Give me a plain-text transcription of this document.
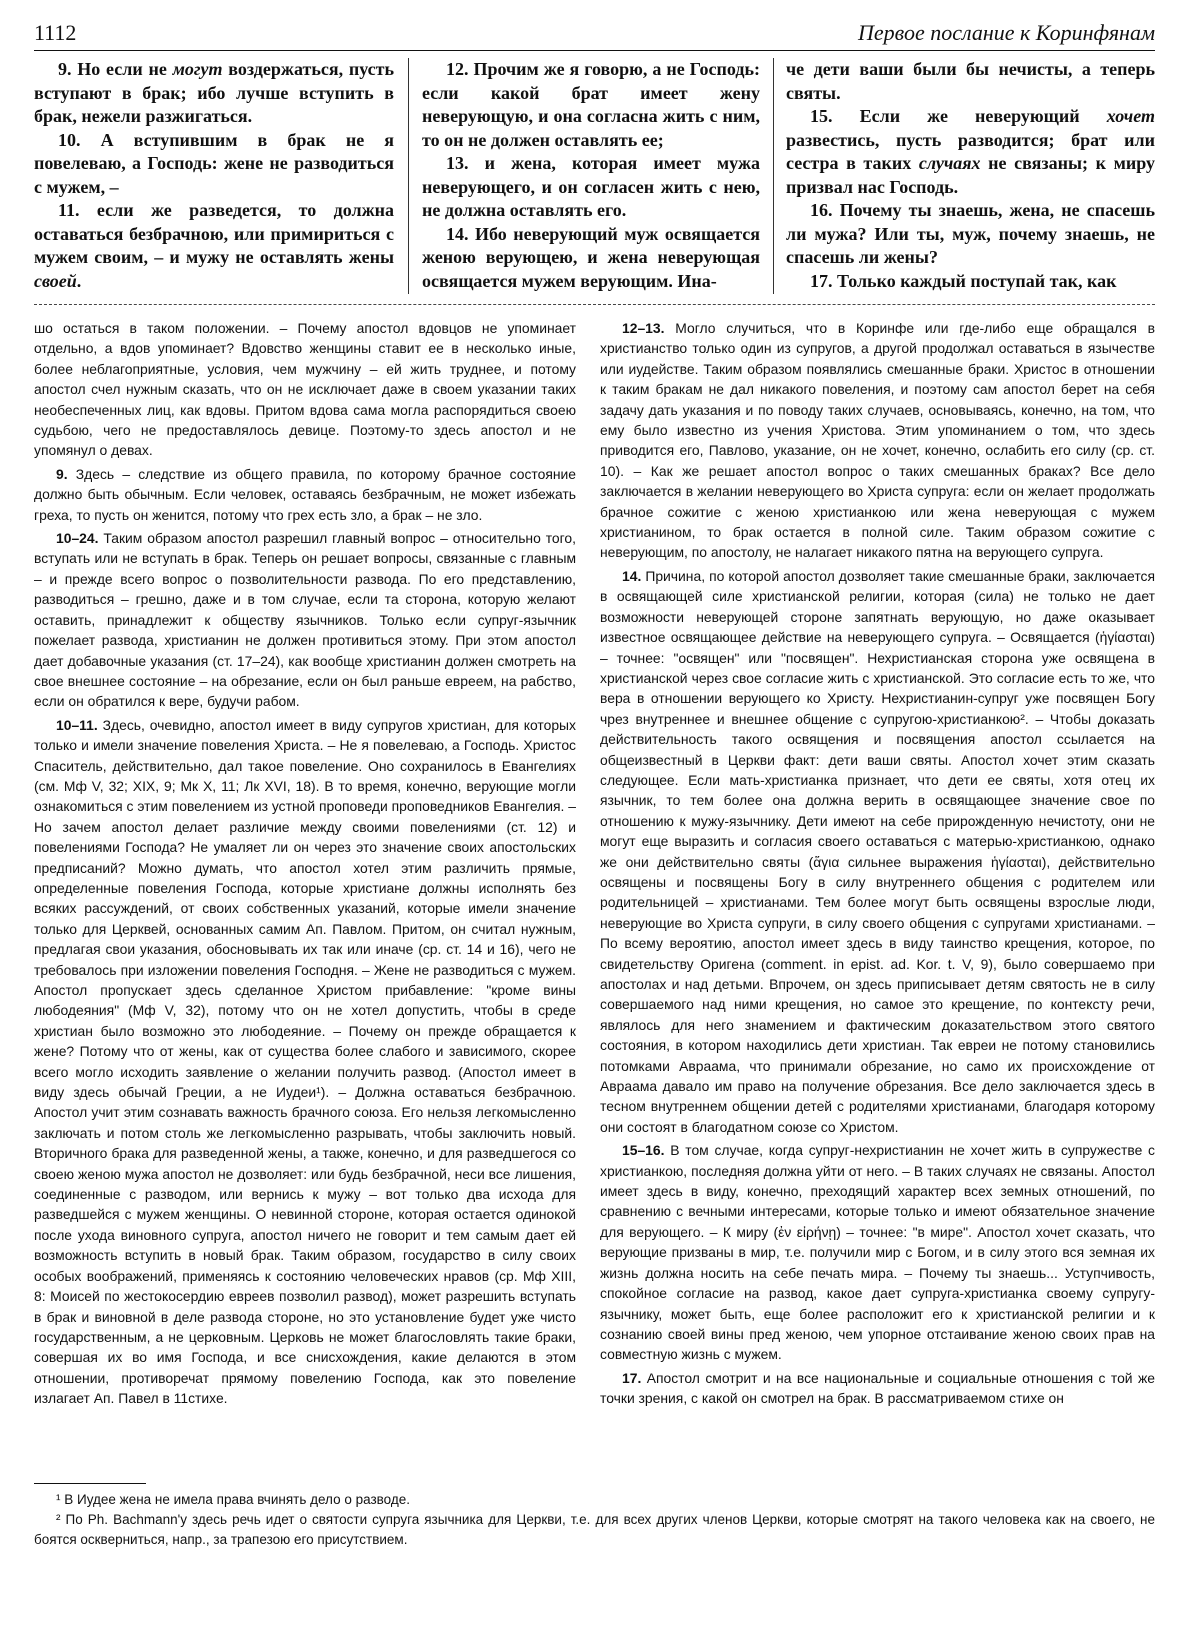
1112	Первое послание к Коринфянам

9. Но если не могут воздержаться, пусть вступают в брак; ибо лучше вступить в брак, нежели разжигаться.

10. А вступившим в брак не я повелеваю, а Господь: жене не разводиться с мужем, –

11. если же разведется, то должна оставаться безбрачною, или примириться с мужем своим, – и мужу не оставлять жены своей.

12. Прочим же я говорю, а не Господь: если какой брат имеет жену неверующую, и она согласна жить с ним, то он не должен оставлять ее;

13. и жена, которая имеет мужа неверующего, и он согласен жить с нею, не должна оставлять его.

14. Ибо неверующий муж освящается женою верующею, и жена неверующая освящается мужем верующим. Ина-

че дети ваши были бы нечисты, а теперь святы.

15. Если же неверующий хочет развестись, пусть разводится; брат или сестра в таких случаях не связаны; к миру призвал нас Господь.

16. Почему ты знаешь, жена, не спасешь ли мужа? Или ты, муж, почему знаешь, не спасешь ли жены?

17. Только каждый поступай так, как

шо остаться в таком положении. – Почему апостол вдовцов не упоминает отдельно, а вдов упоминает? Вдовство женщины ставит ее в несколько иные, более неблагоприятные, условия, чем мужчину – ей жить труднее, и потому апостол счел нужным сказать, что он не исключает даже в своем указании таких необеспеченных лиц, как вдовы. Притом вдова сама могла распорядиться своею судьбою, чего не предоставлялось девице. Поэтому-то здесь апостол и не упомянул о девах.

9. Здесь – следствие из общего правила, по которому брачное состояние должно быть обычным. Если человек, оставаясь безбрачным, не может избежать греха, то пусть он женится, потому что грех есть зло, а брак – не зло.

10–24. Таким образом апостол разрешил главный вопрос – относительно того, вступать или не вступать в брак. Теперь он решает вопросы, связанные с главным – и прежде всего вопрос о позволительности развода. По его представлению, разводиться – грешно, даже и в том случае, если та сторона, которую желают оставить, принадлежит к обществу язычников. Только если супруг-язычник пожелает развода, христианин не должен противиться этому. При этом апостол дает добавочные указания (ст. 17–24), как вообще христианин должен смотреть на свое внешнее состояние – на обрезание, если он был раньше евреем, на рабство, если он обратился к вере, будучи рабом.

10–11. Здесь, очевидно, апостол имеет в виду супругов христиан, для которых только и имели значение повеления Христа. – Не я повелеваю, а Господь. Христос Спаситель, действительно, дал такое повеление. Оно сохранилось в Евангелиях (см. Мф V, 32; XIX, 9; Мк X, 11; Лк XVI, 18). В то время, конечно, верующие могли ознакомиться с этим повелением из устной проповеди проповедников Евангелия. – Но зачем апостол делает различие между своими повелениями (ст. 12) и повелениями Господа? Не умаляет ли он через это значение своих апостольских предписаний? Можно думать, что апостол хотел этим различить прямые, определенные повеления Господа, которые христиане должны исполнять без всяких рассуждений, от своих собственных указаний, которые имели значение только для Церквей, основанных самим Ап. Павлом. Притом, он считал нужным, предлагая свои указания, обосновывать их так или иначе (ср. ст. 14 и 16), чего не требовалось при изложении повеления Господня. – Жене не разводиться с мужем. Апостол пропускает здесь сделанное Христом прибавление: "кроме вины любодеяния" (Мф V, 32), потому что он не хотел допустить, чтобы в среде христиан было возможно это любодеяние. – Почему он прежде обращается к жене? Потому что от жены, как от существа более слабого и зависимого, скорее всего могло исходить заявление о желании получить развод. (Апостол имеет в виду здесь обычай Греции, а не Иудеи¹). – Должна оставаться безбрачною. Апостол учит этим сознавать важность брачного союза. Его нельзя легкомысленно заключать и потом столь же легкомысленно разрывать, чтобы заключить новый. Вторичного брака для разведенной жены, а также, конечно, и для разведшегося со своею женою мужа апостол не дозволяет: или будь безбрачной, неси все лишения, соединенные с разводом, или вернись к мужу – вот только два исхода для разведшейся с мужем женщины. О невинной стороне, которая остается одинокой после ухода виновного супруга, апостол ничего не говорит и тем самым дает ей возможность вступить в новый брак. Таким образом, государство в силу своих особых воображений, применяясь к состоянию человеческих нравов (ср. Мф XIII, 8: Моисей по жестокосердию евреев позволил развод), может разрешить вступать в брак и виновной в деле развода стороне, но это установление будет уже чисто государственным, а не церковным. Церковь не может благословлять такие браки, совершая их во имя Господа, и все снисхождения, какие делаются в этом отношении, противоречат прямому повелению Господа, как это повеление излагает Ап. Павел в 11стихе.

12–13. Могло случиться, что в Коринфе или где-либо еще обращался в христианство только один из супругов, а другой продолжал оставаться в язычестве или иудействе. Таким образом появлялись смешанные браки. Христос в отношении к таким бракам не дал никакого повеления, и поэтому сам апостол берет на себя задачу дать указания и по поводу таких случаев, основываясь, конечно, на том, что ему было известно из учения Христова. Этим упоминанием о том, что здесь приводится его, Павлово, указание, он не хочет, конечно, ослабить его силу (ср. ст. 10). – Как же решает апостол вопрос о таких смешанных браках? Все дело заключается в желании неверующего во Христа супруга: если он желает продолжать брачное сожитие с женою христианкою или жена неверующая с мужем христианином, то брак остается в полной силе. Таким образом сожитие с неверующим, по апостолу, не налагает никакого пятна на верующего супруга.

14. Причина, по которой апостол дозволяет такие смешанные браки, заключается в освящающей силе христианской религии, которая (сила) не только не дает возможности неверующей стороне запятнать верующую, но даже оказывает известное освящающее действие на неверующего супруга. – Освящается (ἡγίασται) – точнее: "освящен" или "посвящен". Нехристианская сторона уже освящена в христианской через свое согласие жить с христианской. Это согласие есть то же, что вера в отношении верующего ко Христу. Нехристианин-супруг уже посвящен Богу чрез внутреннее и внешнее общение с супругою-христианкою². – Чтобы доказать действительность такого освящения и посвящения апостол ссылается на общеизвестный в Церкви факт: дети ваши святы. Апостол хочет этим сказать следующее. Если мать-христианка признает, что дети ее святы, хотя отец их язычник, то тем более она должна верить в освящающее значение свое по отношению к мужу-язычнику. Дети имеют на себе прирожденную нечистоту, они не могут еще выразить и согласия своего оставаться с матерью-христианкою, однако же они действительно святы (ἅγια сильнее выражения ἡγίασται), действительно освящены и посвящены Богу в силу внутреннего общения с родителем или родительницей – христианами. Тем более могут быть освящены взрослые люди, неверующие во Христа супруги, в силу своего общения с супругами христианами. – По всему вероятию, апостол имеет здесь в виду таинство крещения, которое, по свидетельству Оригена (comment. in epist. ad. Kor. t. V, 9), было совершаемо при апостолах и над детьми. Впрочем, он здесь приписывает детям святость не в силу совершаемого над ними крещения, но самое это крещение, по контексту речи, являлось для него знамением и фактическим доказательством этого святого состояния, в котором находились дети христиан. Так евреи не потому становились потомками Авраама, что принимали обрезание, но само их происхождение от Авраама давало им право на получение обрезания. Все дело заключается здесь в тесном внутреннем общении детей с родителями христианами, благодаря которому они состоят в благодатном союзе со Христом.

15–16. В том случае, когда супруг-нехристианин не хочет жить в супружестве с христианкою, последняя должна уйти от него. – В таких случаях не связаны. Апостол имеет здесь в виду, конечно, преходящий характер всех земных отношений, по сравнению с вечными интересами, которые только и имеют обязательное значение для верующего. – К миру (ἐν εἰρήνῃ) – точнее: "в мире". Апостол хочет сказать, что верующие призваны в мир, т.е. получили мир с Богом, и в силу этого вся земная их жизнь должна носить на себе печать мира. – Почему ты знаешь... Уступчивость, спокойное согласие на развод, какое дает супруга-христианка своему супругу-язычнику, может быть, еще более расположит его к христианской религии и к сознанию своей вины пред женою, чем упорное отстаивание женою своих прав на совместную жизнь с мужем.

17. Апостол смотрит и на все национальные и социальные отношения с той же точки зрения, с какой он смотрел на брак. В рассматриваемом стихе он

¹ В Иудее жена не имела права вчинять дело о разводе.

² По Ph. Bachmann'y здесь речь идет о святости супруга язычника для Церкви, т.е. для всех других членов Церкви, которые смотрят на такого человека как на своего, не боятся оскверниться, напр., за трапезою его присутствием.
